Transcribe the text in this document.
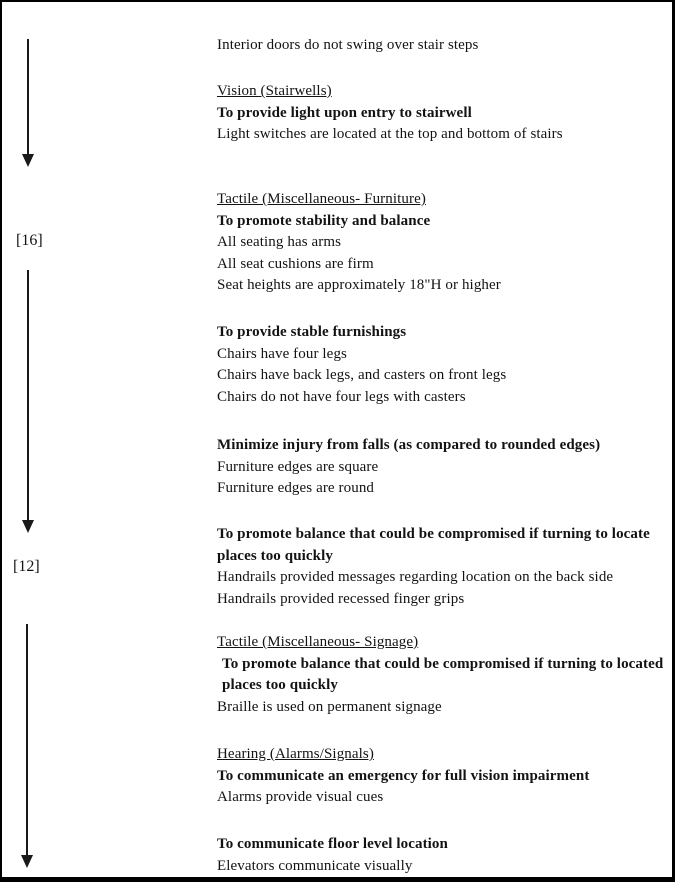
[16]
[12]
Interior doors do not swing over stair steps
Vision (Stairwells)
To provide light upon entry to stairwell
Light switches are located at the top and bottom of stairs
Tactile (Miscellaneous- Furniture)
To promote stability and balance
All seating has arms
All seat cushions are firm
Seat heights are approximately 18"H or higher
To provide stable furnishings
Chairs have four legs
Chairs have back legs, and casters on front legs
Chairs do not have four legs with casters
Minimize injury from falls (as compared to rounded edges)
Furniture edges are square
Furniture edges are round
To promote balance that could be compromised if turning to locate
places too quickly
Handrails provided messages regarding location on the back side
Handrails provided recessed finger grips
Tactile (Miscellaneous- Signage)
To promote balance that could be compromised if turning to located
places too quickly
Braille is used on permanent signage
Hearing (Alarms/Signals)
To communicate an emergency for full vision impairment
Alarms provide visual cues
To communicate floor level location
Elevators communicate visually
